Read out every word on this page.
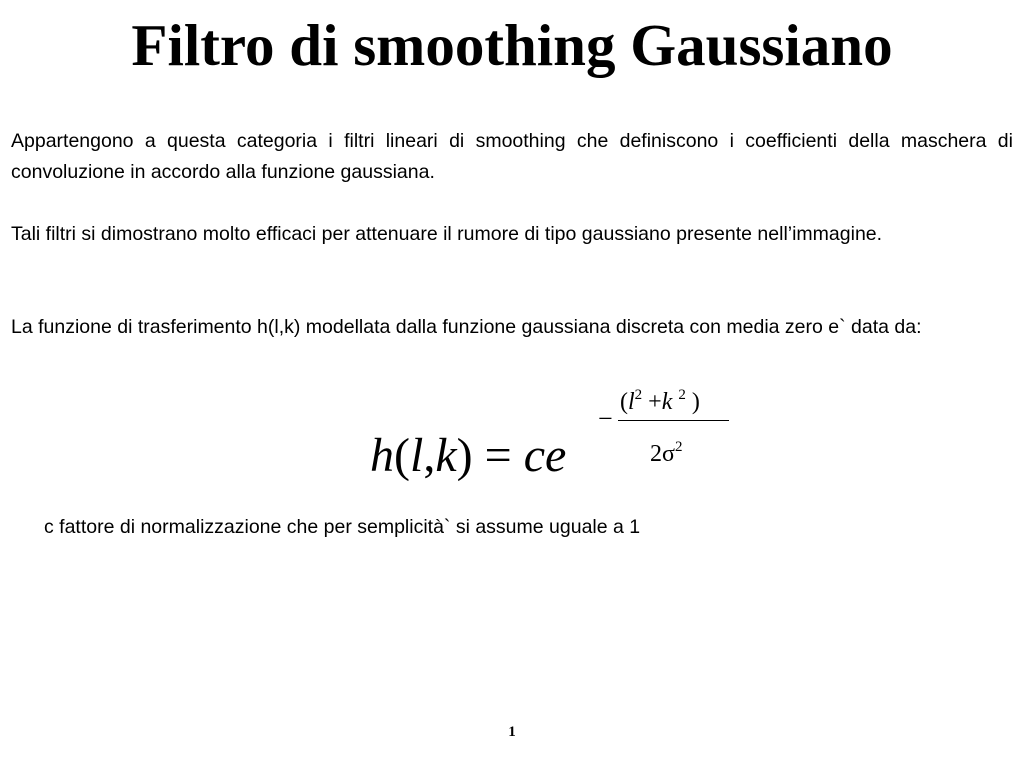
Filtro di smoothing Gaussiano

Appartengono a questa categoria i filtri lineari di smoothing che definiscono i coefficienti della maschera di convoluzione in accordo alla funzione gaussiana.

Tali filtri si dimostrano molto efficaci per attenuare il rumore di tipo gaussiano presente nell’immagine.

La funzione di trasferimento h(l,k) modellata dalla funzione gaussiana discreta con media zero e` data da:

h(l,k) = ce
−
($l^2 +k$ $^2$ )
$2\sigma^2$

c fattore di normalizzazione che per semplicità` si assume uguale a 1

1
